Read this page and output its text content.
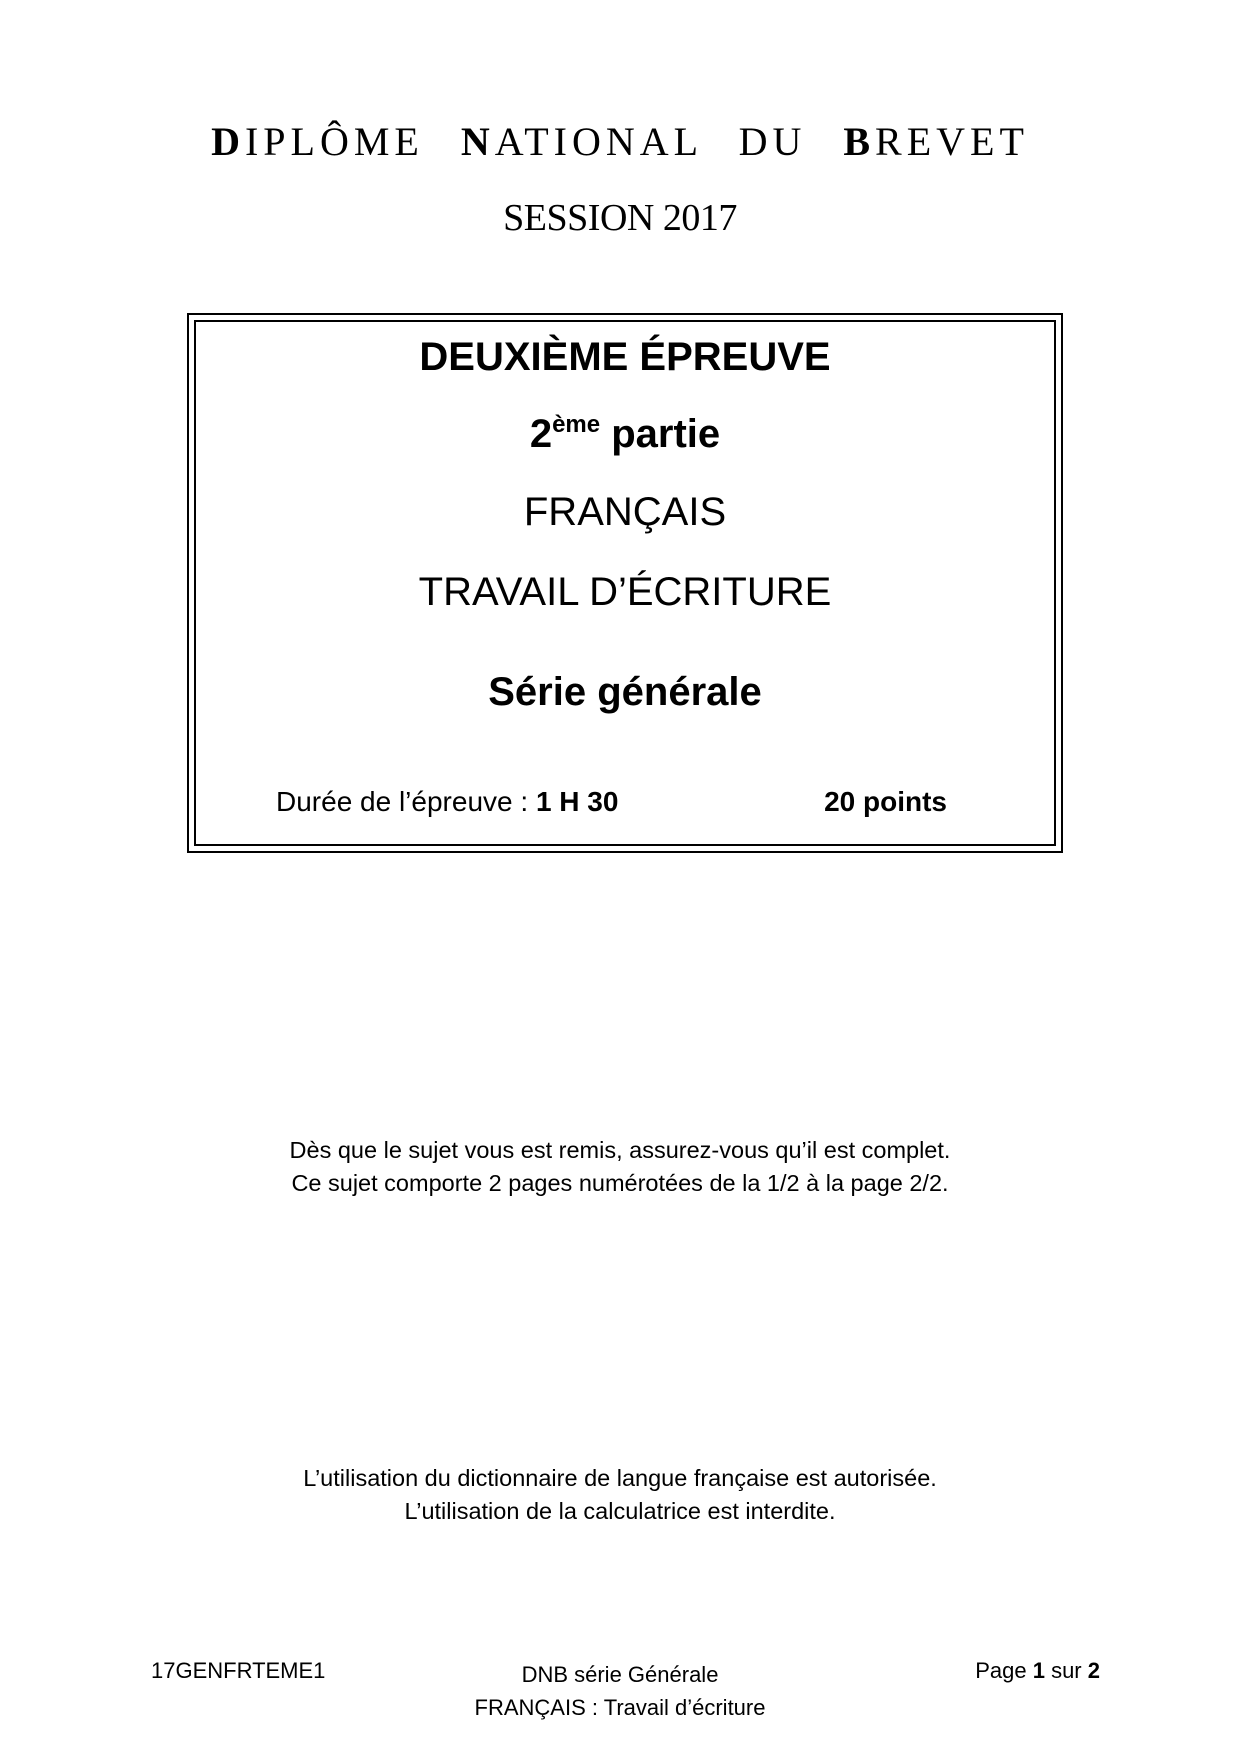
DIPLÔME NATIONAL DU BREVET
SESSION 2017
DEUXIÈME ÉPREUVE
2ème partie
FRANÇAIS
TRAVAIL D’ÉCRITURE
Série générale
Durée de l’épreuve : 1 H 30	20 points
Dès que le sujet vous est remis, assurez-vous qu’il est complet.
Ce sujet comporte 2 pages numérotées de la 1/2 à la page 2/2.
L’utilisation du dictionnaire de langue française est autorisée.
L’utilisation de la calculatrice est interdite.
17GENFRTEME1	DNB série Générale
FRANÇAIS : Travail d’écriture
Page 1 sur 2
